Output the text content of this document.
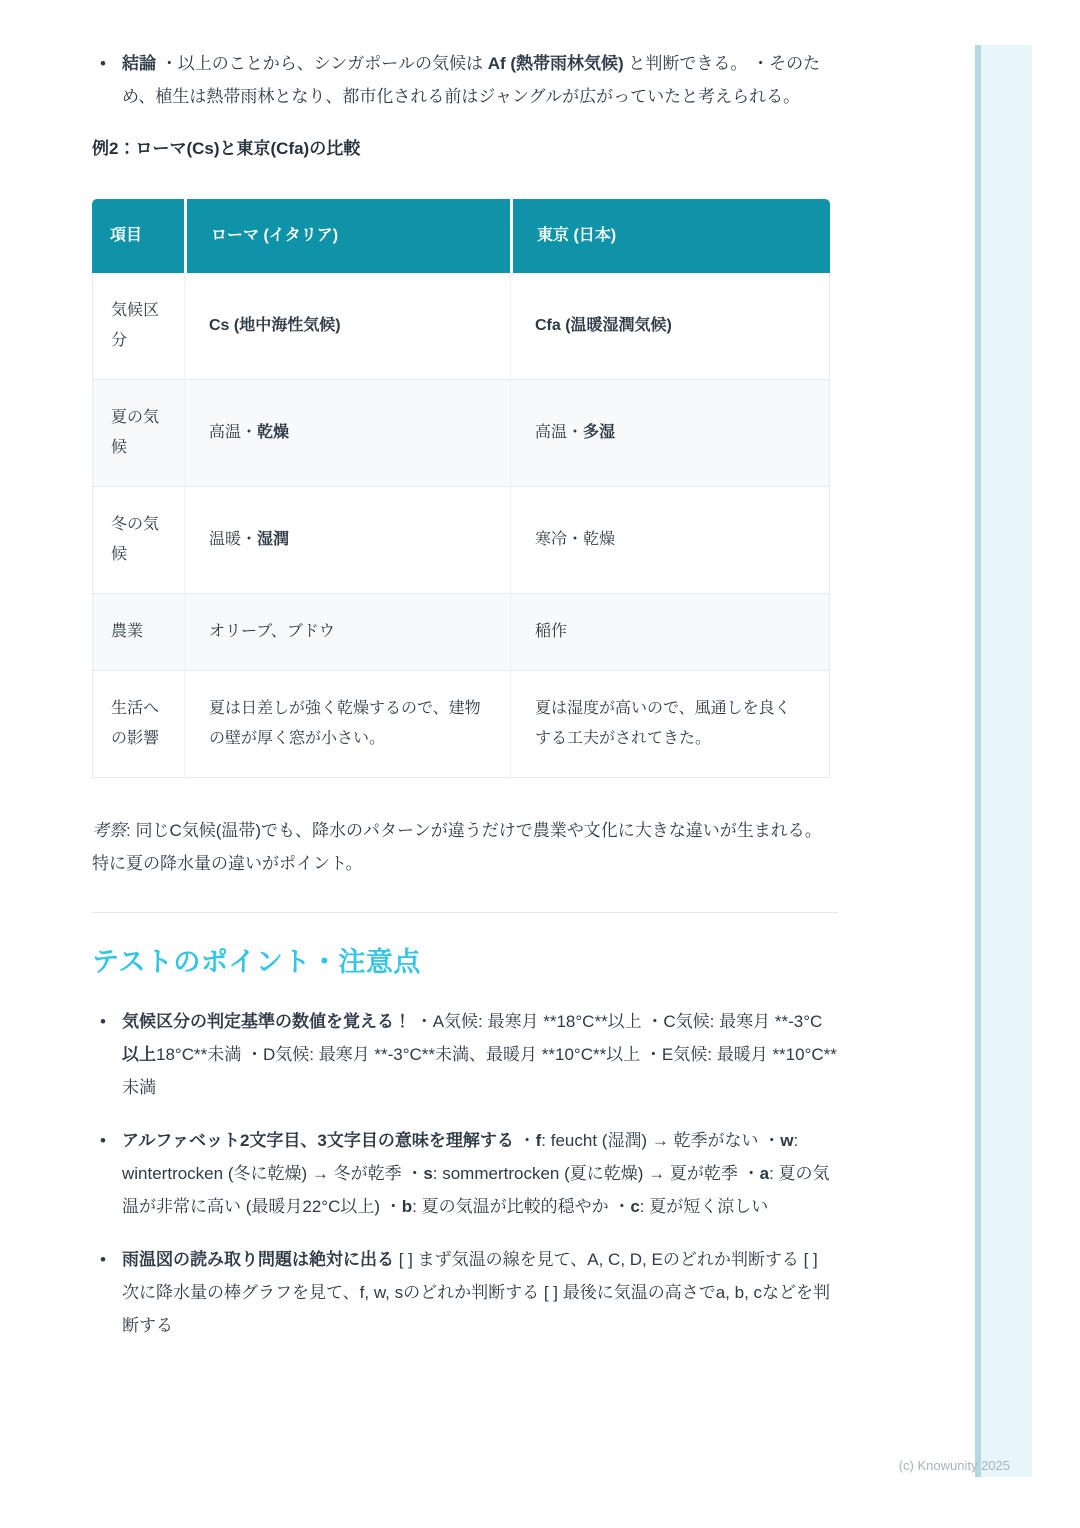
• 結論 ・以上のことから、シンガポールの気候は Af (熱帯雨林気候) と判断できる。 ・そのため、植生は熱帯雨林となり、都市化される前はジャングルが広がっていたと考えられる。
例2：ローマ(Cs)と東京(Cfa)の比較
項目	ローマ (イタリア)	東京 (日本)
気候区分	Cs (地中海性気候)	Cfa (温暖湿潤気候)
夏の気候	高温・乾燥	高温・多湿
冬の気候	温暖・湿潤	寒冷・乾燥
農業	オリーブ、ブドウ	稲作
生活への影響	夏は日差しが強く乾燥するので、建物の壁が厚く窓が小さい。	夏は湿度が高いので、風通しを良くする工夫がされてきた。

考察: 同じC気候(温帯)でも、降水のパターンが違うだけで農業や文化に大きな違いが生まれる。特に夏の降水量の違いがポイント。

テストのポイント・注意点
• 気候区分の判定基準の数値を覚える！ ・A気候: 最寒月 **18°C**以上 ・C気候: 最寒月 **-3°C以上18°C**未満 ・D気候: 最寒月 **-3°C**未満、最暖月 **10°C**以上 ・E気候: 最暖月 **10°C**未満
• アルファベット2文字目、3文字目の意味を理解する ・f: feucht (湿潤) → 乾季がない ・w: wintertrocken (冬に乾燥) → 冬が乾季 ・s: sommertrocken (夏に乾燥) → 夏が乾季 ・a: 夏の気温が非常に高い (最暖月22°C以上) ・b: 夏の気温が比較的穏やか ・c: 夏が短く涼しい
• 雨温図の読み取り問題は絶対に出る [ ] まず気温の線を見て、A, C, D, Eのどれか判断する [ ] 次に降水量の棒グラフを見て、f, w, sのどれか判断する [ ] 最後に気温の高さでa, b, cなどを判断する
(c) Knowunity 2025
